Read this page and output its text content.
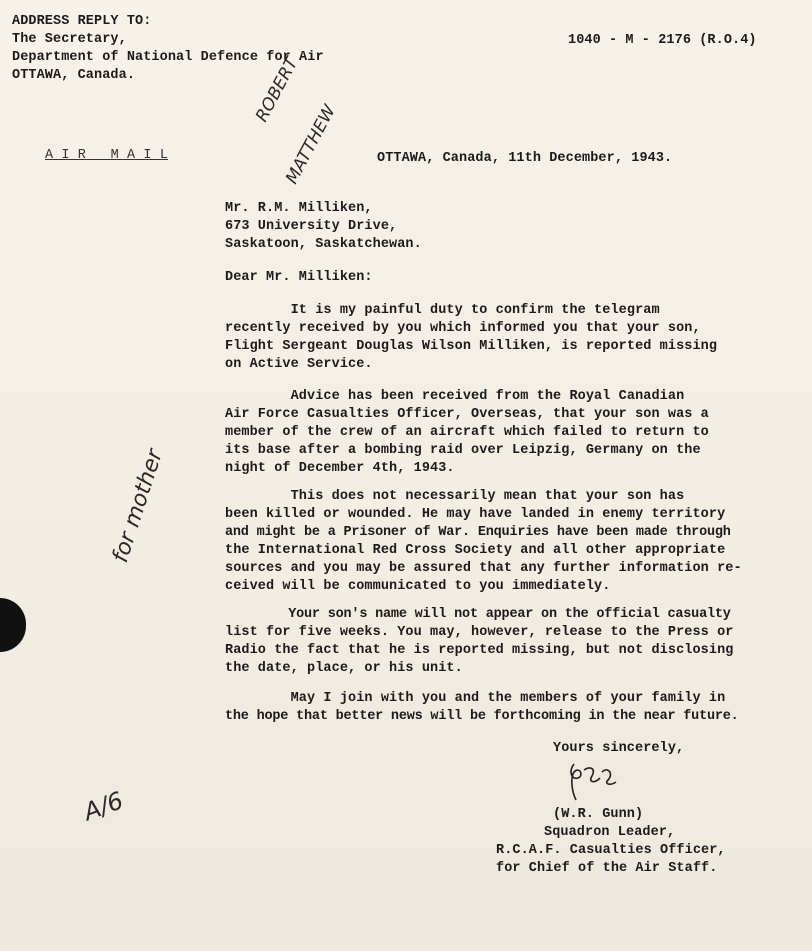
ADDRESS REPLY TO:
The Secretary,
Department of National Defence for Air
OTTAWA, Canada.
1040 - M - 2176 (R.O.4)
A I R   M A I L
ROBERT
MATTHEW	OTTAWA, Canada, 11th December, 1943.
Mr. R.M. Milliken,
673 University Drive,
Saskatoon, Saskatchewan.
Dear Mr. Milliken:
It is my painful duty to confirm the telegram
recently received by you which informed you that your son,
Flight Sergeant Douglas Wilson Milliken, is reported missing
on Active Service.
Advice has been received from the Royal Canadian
Air Force Casualties Officer, Overseas, that your son was a
member of the crew of an aircraft which failed to return to
its base after a bombing raid over Leipzig, Germany on the
night of December 4th, 1943.
This does not necessarily mean that your son has
been killed or wounded. He may have landed in enemy territory
and might be a Prisoner of War. Enquiries have been made through
the International Red Cross Society and all other appropriate
sources and you may be assured that any further information re-
ceived will be communicated to you immediately.
Your son's name will not appear on the official casualty
list for five weeks. You may, however, release to the Press or
Radio the fact that he is reported missing, but not disclosing
the date, place, or his unit.
May I join with you and the members of your family in
the hope that better news will be forthcoming in the near future.
Yours sincerely,
(W.R. Gunn)
Squadron Leader,
R.C.A.F. Casualties Officer,
for Chief of the Air Staff.
for mother
A/6
